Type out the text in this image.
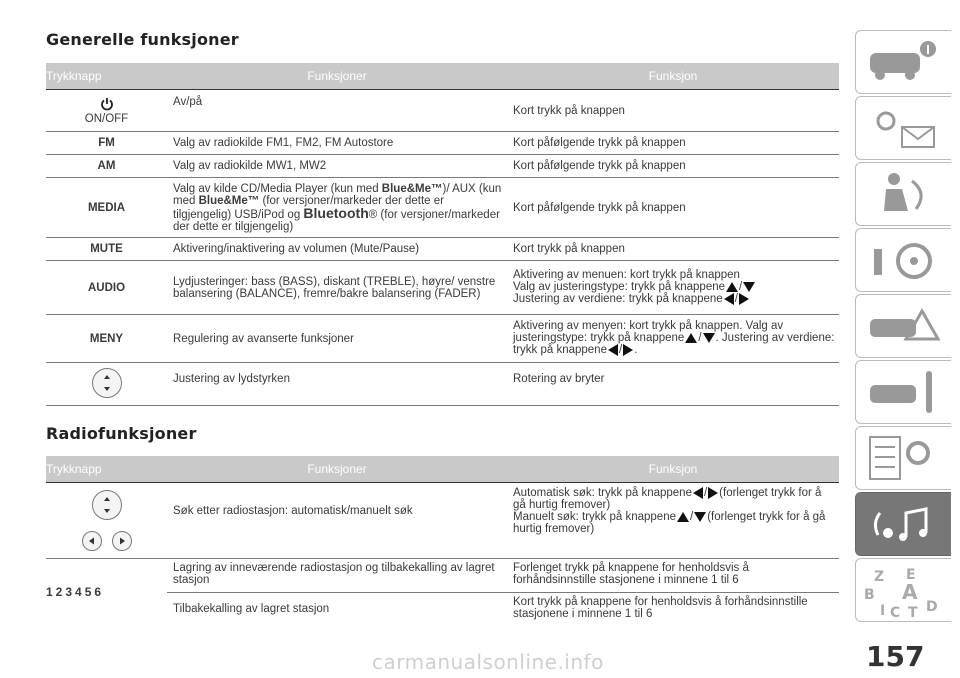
Generelle funksjoner
Trykknapp	Funksjoner	Funksjon

ON/OFF	Av/på	Kort trykk på knappen
FM	Valg av radiokilde FM1, FM2, FM Autostore	Kort påfølgende trykk på knappen
AM	Valg av radiokilde MW1, MW2	Kort påfølgende trykk på knappen
MEDIA	Valg av kilde CD/Media Player (kun med Blue&Me™)/ AUX (kun med Blue&Me™ (for versjoner/markeder der dette er tilgjengelig) USB/iPod og Bluetooth® (for versjoner/markeder der dette er tilgjengelig)	Kort påfølgende trykk på knappen
MUTE	Aktivering/inaktivering av volumen (Mute/Pause)	Kort trykk på knappen
AUDIO	Lydjusteringer: bass (BASS), diskant (TREBLE), høyre/ venstre balansering (BALANCE), fremre/bakre balansering (FADER)	Aktivering av menuen: kort trykk på knappen
Valg av justeringstype: trykk på knappene /
Justering av verdiene: trykk på knappene /

MENY	Regulering av avanserte funksjoner	Aktivering av menyen: kort trykk på knappen. Valg av justeringstype: trykk på knappene / . Justering av verdiene: trykk på knappene / .

	Justering av lydstyrken	Rotering av bryter
Radiofunksjoner
Trykknapp	Funksjoner	Funksjon

	Søk etter radiostasjon: automatisk/manuelt søk	Automatisk søk: trykk på knappene / (forlenget trykk for å gå hurtig fremover)
Manuelt søk: trykk på knappene / (forlenget trykk for å gå hurtig fremover)
123456	Lagring av inneværende radiostasjon og tilbakekalling av lagret stasjon	Forlenget trykk på knappene for henholdsvis å forhåndsinnstille stasjonene i minnene 1 til 6
	Tilbakekalling av lagret stasjon	Kort trykk på knappene for henholdsvis å forhåndsinnstille stasjonene i minnene 1 til 6
Z E
B A
I C T D
157
carmanualsonline.info
